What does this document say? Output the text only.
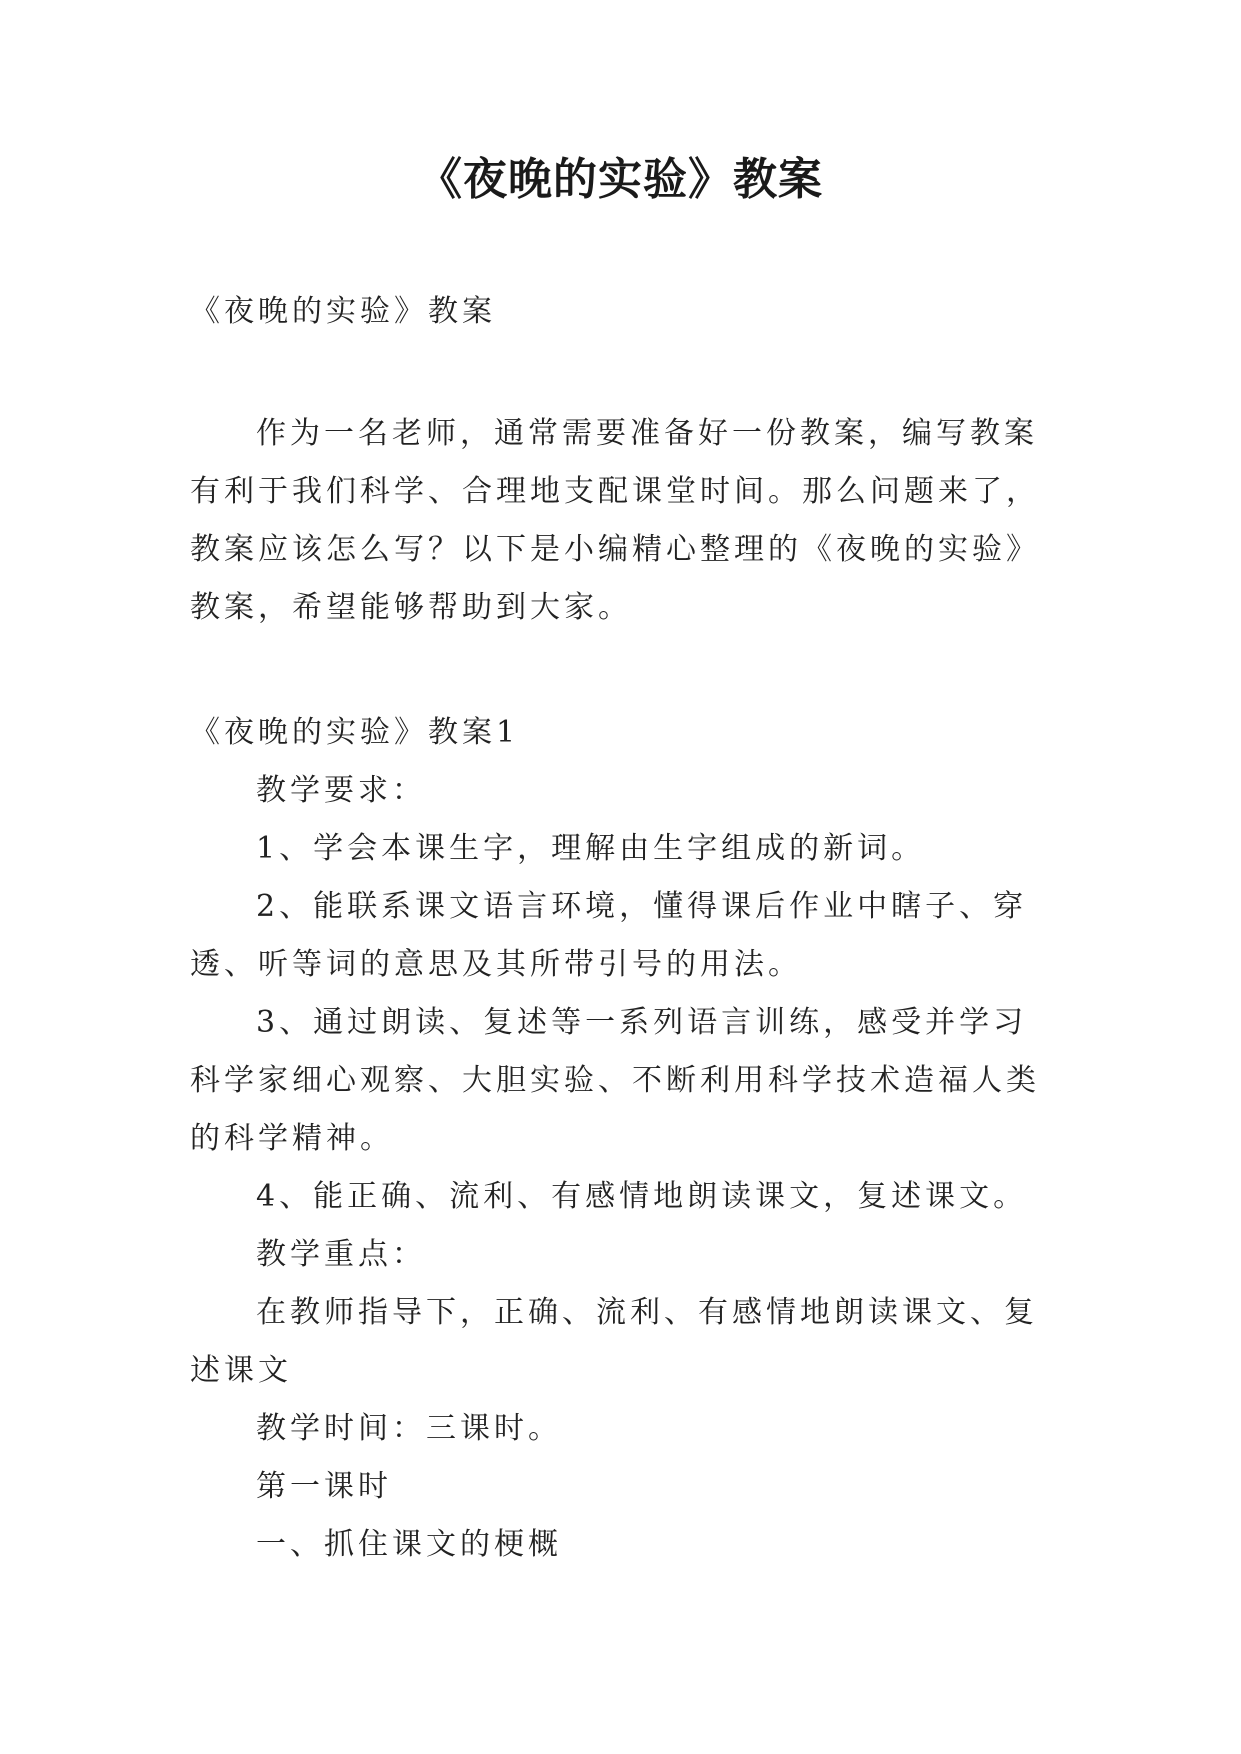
《夜晚的实验》教案
《夜晚的实验》教案

作为一名老师，通常需要准备好一份教案，编写教案有利于我们科学、合理地支配课堂时间。那么问题来了，教案应该怎么写？以下是小编精心整理的《夜晚的实验》教案，希望能够帮助到大家。

《夜晚的实验》教案1

教学要求：

1、学会本课生字，理解由生字组成的新词。

2、能联系课文语言环境，懂得课后作业中瞎子、穿透、听等词的意思及其所带引号的用法。

3、通过朗读、复述等一系列语言训练，感受并学习科学家细心观察、大胆实验、不断利用科学技术造福人类的科学精神。

4、能正确、流利、有感情地朗读课文，复述课文。

教学重点：

在教师指导下，正确、流利、有感情地朗读课文、复述课文

教学时间：三课时。

第一课时

一、抓住课文的梗概
